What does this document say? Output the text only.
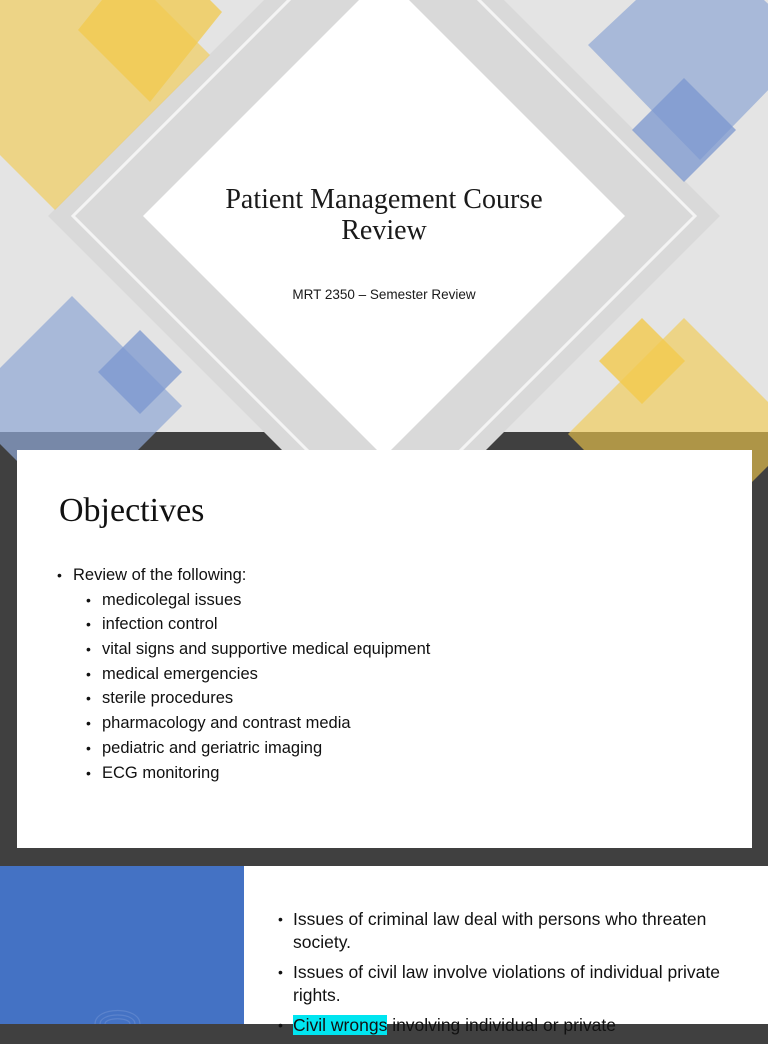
Patient Management Course Review
MRT 2350 – Semester Review
Objectives
• Review of the following:
• medicolegal issues
• infection control
• vital signs and supportive medical equipment
• medical emergencies
• sterile procedures
• pharmacology and contrast media
• pediatric and geriatric imaging
• ECG monitoring
• Issues of criminal law deal with persons who threaten society.
• Issues of civil law involve violations of individual private rights.
• Civil wrongs involving individual or private
